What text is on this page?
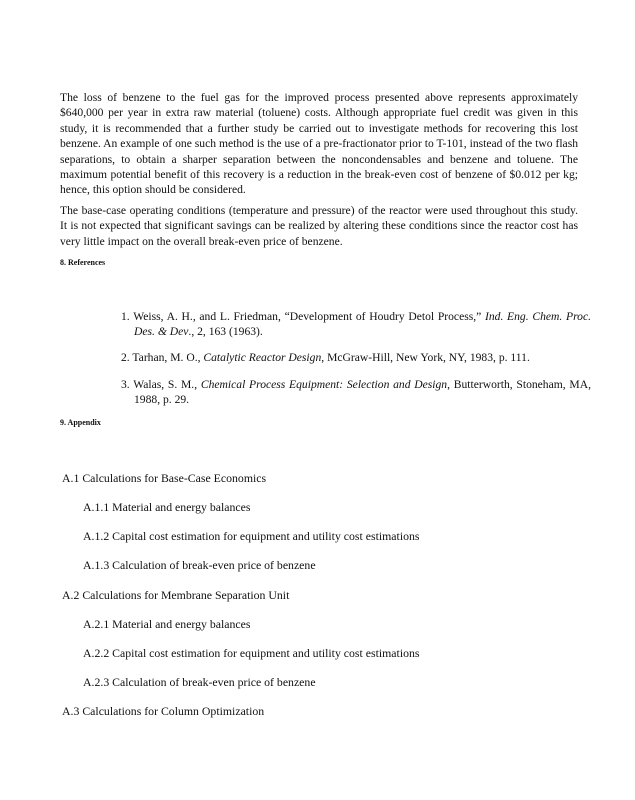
The loss of benzene to the fuel gas for the improved process presented above represents approximately $640,000 per year in extra raw material (toluene) costs. Although appropriate fuel credit was given in this study, it is recommended that a further study be carried out to investigate methods for recovering this lost benzene. An example of one such method is the use of a pre-fractionator prior to T-101, instead of the two flash separations, to obtain a sharper separation between the noncondensables and benzene and toluene. The maximum potential benefit of this recovery is a reduction in the break-even cost of benzene of $0.012 per kg; hence, this option should be considered.

The base-case operating conditions (temperature and pressure) of the reactor were used throughout this study. It is not expected that significant savings can be realized by altering these conditions since the reactor cost has very little impact on the overall break-even price of benzene.

8. References

1. Weiss, A. H., and L. Friedman, “Development of Houdry Detol Process,” Ind. Eng. Chem. Proc. Des. & Dev., 2, 163 (1963).

2. Tarhan, M. O., Catalytic Reactor Design, McGraw-Hill, New York, NY, 1983, p. 111.

3. Walas, S. M., Chemical Process Equipment: Selection and Design, Butterworth, Stoneham, MA, 1988, p. 29.

9. Appendix

A.1 Calculations for Base-Case Economics

A.1.1 Material and energy balances

A.1.2 Capital cost estimation for equipment and utility cost estimations

A.1.3 Calculation of break-even price of benzene

A.2 Calculations for Membrane Separation Unit

A.2.1 Material and energy balances

A.2.2 Capital cost estimation for equipment and utility cost estimations

A.2.3 Calculation of break-even price of benzene

A.3 Calculations for Column Optimization
